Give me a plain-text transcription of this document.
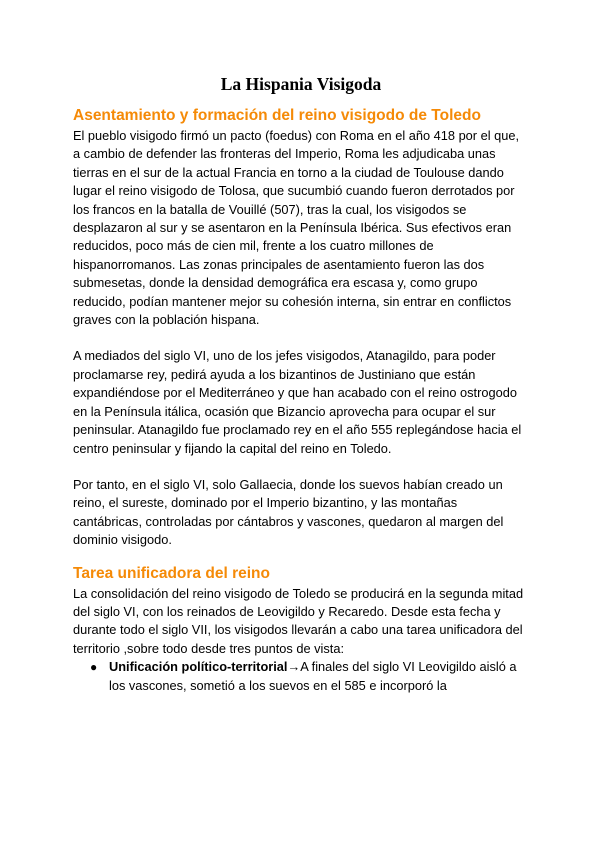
La Hispania Visigoda
Asentamiento y formación del reino visigodo de Toledo

El pueblo visigodo firmó un pacto (foedus) con Roma en el año 418 por el que, a cambio de defender las fronteras del Imperio, Roma les adjudicaba unas tierras en el sur de la actual Francia en torno a la ciudad de Toulouse dando lugar el reino visigodo de Tolosa, que sucumbió cuando fueron derrotados por los francos en la batalla de Vouillé (507), tras la cual, los visigodos se desplazaron al sur y se asentaron en la Península Ibérica. Sus efectivos eran reducidos, poco más de cien mil, frente a los cuatro millones de hispanorromanos. Las zonas principales de asentamiento fueron las dos submesetas, donde la densidad demográfica era escasa y, como grupo reducido, podían mantener mejor su cohesión interna, sin entrar en conflictos graves con la población hispana.

A mediados del siglo VI, uno de los jefes visigodos, Atanagildo, para poder proclamarse rey, pedirá ayuda a los bizantinos de Justiniano que están expandiéndose por el Mediterráneo y que han acabado con el reino ostrogodo en la Península itálica, ocasión que Bizancio aprovecha para ocupar el sur peninsular. Atanagildo fue proclamado rey en el año 555 replegándose hacia el centro peninsular y fijando la capital del reino en Toledo.

Por tanto, en el siglo VI, solo Gallaecia, donde los suevos habían creado un reino, el sureste, dominado por el Imperio bizantino, y las montañas cantábricas, controladas por cántabros y vascones, quedaron al margen del dominio visigodo.

Tarea unificadora del reino

La consolidación del reino visigodo de Toledo se producirá en la segunda mitad del siglo VI, con los reinados de Leovigildo y Recaredo. Desde esta fecha y durante todo el siglo VII, los visigodos llevarán a cabo una tarea unificadora del territorio ,sobre todo desde tres puntos de vista:

● Unificación político-territorial→A finales del siglo VI Leovigildo aisló a los vascones, sometió a los suevos en el 585 e incorporó la
